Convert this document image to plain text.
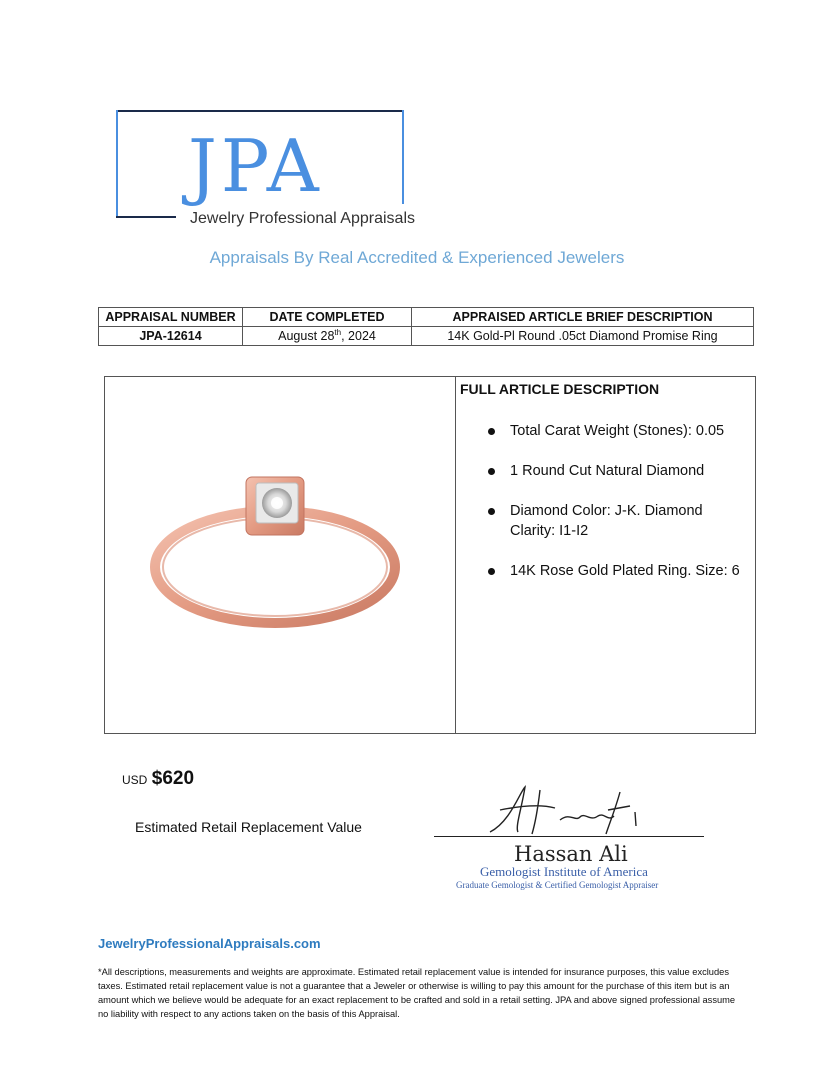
JPA
Jewelry Professional Appraisals
Appraisals By Real Accredited & Experienced Jewelers
APPRAISAL NUMBER	DATE COMPLETED	APPRAISED ARTICLE BRIEF DESCRIPTION
JPA-12614	August 28th, 2024	14K Gold-Pl Round .05ct Diamond Promise Ring
FULL ARTICLE DESCRIPTION
Total Carat Weight (Stones): 0.05
1 Round Cut Natural Diamond
Diamond Color: J-K. Diamond Clarity: I1-I2
14K Rose Gold Plated Ring. Size: 6
USD $620
Estimated Retail Replacement Value
Hassan Ali
Gemologist Institute of America
Graduate Gemologist & Certified Gemologist Appraiser
JewelryProfessionalAppraisals.com
*All descriptions, measurements and weights are approximate. Estimated retail replacement value is intended for insurance purposes, this value excludes taxes. Estimated retail replacement value is not a guarantee that a Jeweler or otherwise is willing to pay this amount for the purchase of this item but is an amount which we believe would be adequate for an exact replacement to be crafted and sold in a retail setting. JPA and above signed professional assume no liability with respect to any actions taken on the basis of this Appraisal.
